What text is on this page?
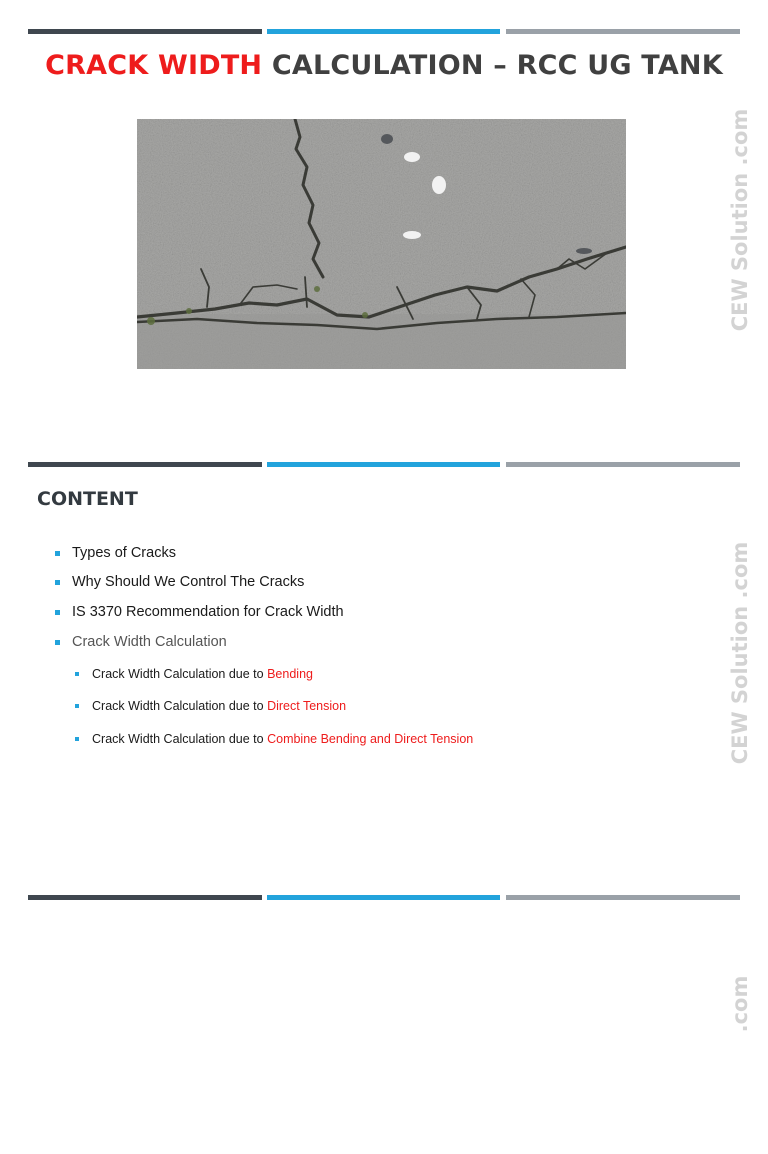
CRACK WIDTH CALCULATION – RCC UG TANK
CEW Solution .com
CONTENT
Types of Cracks
Why Should We Control The Cracks
IS 3370 Recommendation for Crack Width
Crack Width Calculation
Crack Width Calculation due to Bending
Crack Width Calculation due to Direct Tension
Crack Width Calculation due to Combine Bending and Direct Tension	CEW Solution .com
.com
